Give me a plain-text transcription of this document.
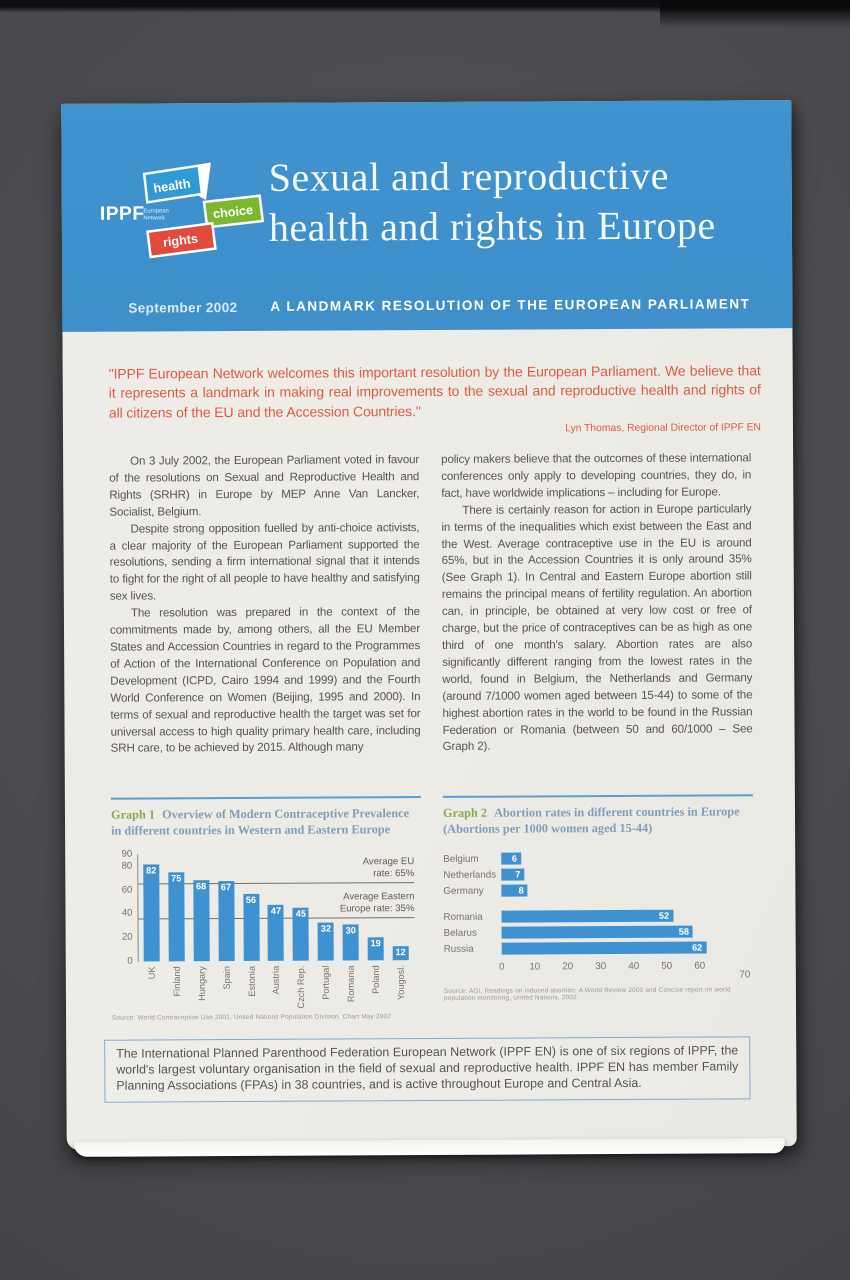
health
choice
rights
IPPF
European
Network
Sexual and reproductive
health and rights in Europe
September 2002 A LANDMARK RESOLUTION OF THE EUROPEAN PARLIAMENT
"IPPF European Network welcomes this important resolution by the European Parliament. We believe that it represents a landmark in making real improvements to the sexual and reproductive health and rights of all citizens of the EU and the Accession Countries."
Lyn Thomas, Regional Director of IPPF EN

On 3 July 2002, the European Parliament voted in favour of the resolutions on Sexual and Reproductive Health and Rights (SRHR) in Europe by MEP Anne Van Lancker, Socialist, Belgium.

Despite strong opposition fuelled by anti-choice activists, a clear majority of the European Parliament supported the resolutions, sending a firm international signal that it intends to fight for the right of all people to have healthy and satisfying sex lives.

The resolution was prepared in the context of the commitments made by, among others, all the EU Member States and Accession Countries in regard to the Programmes of Action of the International Conference on Population and Development (ICPD, Cairo 1994 and 1999) and the Fourth World Conference on Women (Beijing, 1995 and 2000). In terms of sexual and reproductive health the target was set for universal access to high quality primary health care, including SRH care, to be achieved by 2015. Although many

policy makers believe that the outcomes of these international conferences only apply to developing countries, they do, in fact, have worldwide implications – including for Europe.

There is certainly reason for action in Europe particularly in terms of the inequalities which exist between the East and the West. Average contraceptive use in the EU is around 65%, but in the Accession Countries it is only around 35% (See Graph 1). In Central and Eastern Europe abortion still remains the principal means of fertility regulation. An abortion can, in principle, be obtained at very low cost or free of charge, but the price of contraceptives can be as high as one third of one month's salary. Abortion rates are also significantly different ranging from the lowest rates in the world, found in Belgium, the Netherlands and Germany (around 7/1000 women aged between 15-44) to some of the highest abortion rates in the world to be found in the Russian Federation or Romania (between 50 and 60/1000 – See Graph 2).

Graph 1 Overview of Modern Contraceptive Prevalence
in different countries in Western and Eastern Europe
0
20
40
60
80
90
Average EU
rate: 65%
Average Eastern
Europe rate: 35%
82
UK
75
Finland
68
Hungary
67
Spain
56
Estonia
47
Austria
45
Czch Rep.
32
Portugal
30
Romania
19
Poland
12
Yougosl.
Source: World Contraceptive Use 2001, United Nations Population Division. Chart May 2002
Graph 2 Abortion rates in different countries in Europe
(Abortions per 1000 women aged 15-44)
Belgium	6
Netherlands	7
Germany	8
Romania	52
Belarus	58
Russia	62
0	10 20 30 40 50 60
70
Source: AGI, Readings on induced abortion: A World Review 2000 and Concise report on world population monitoring, United Nations, 2002

The International Planned Parenthood Federation European Network (IPPF EN) is one of six regions of IPPF, the world's largest voluntary organisation in the field of sexual and reproductive health. IPPF EN has member Family Planning Associations (FPAs) in 38 countries, and is active throughout Europe and Central Asia.
